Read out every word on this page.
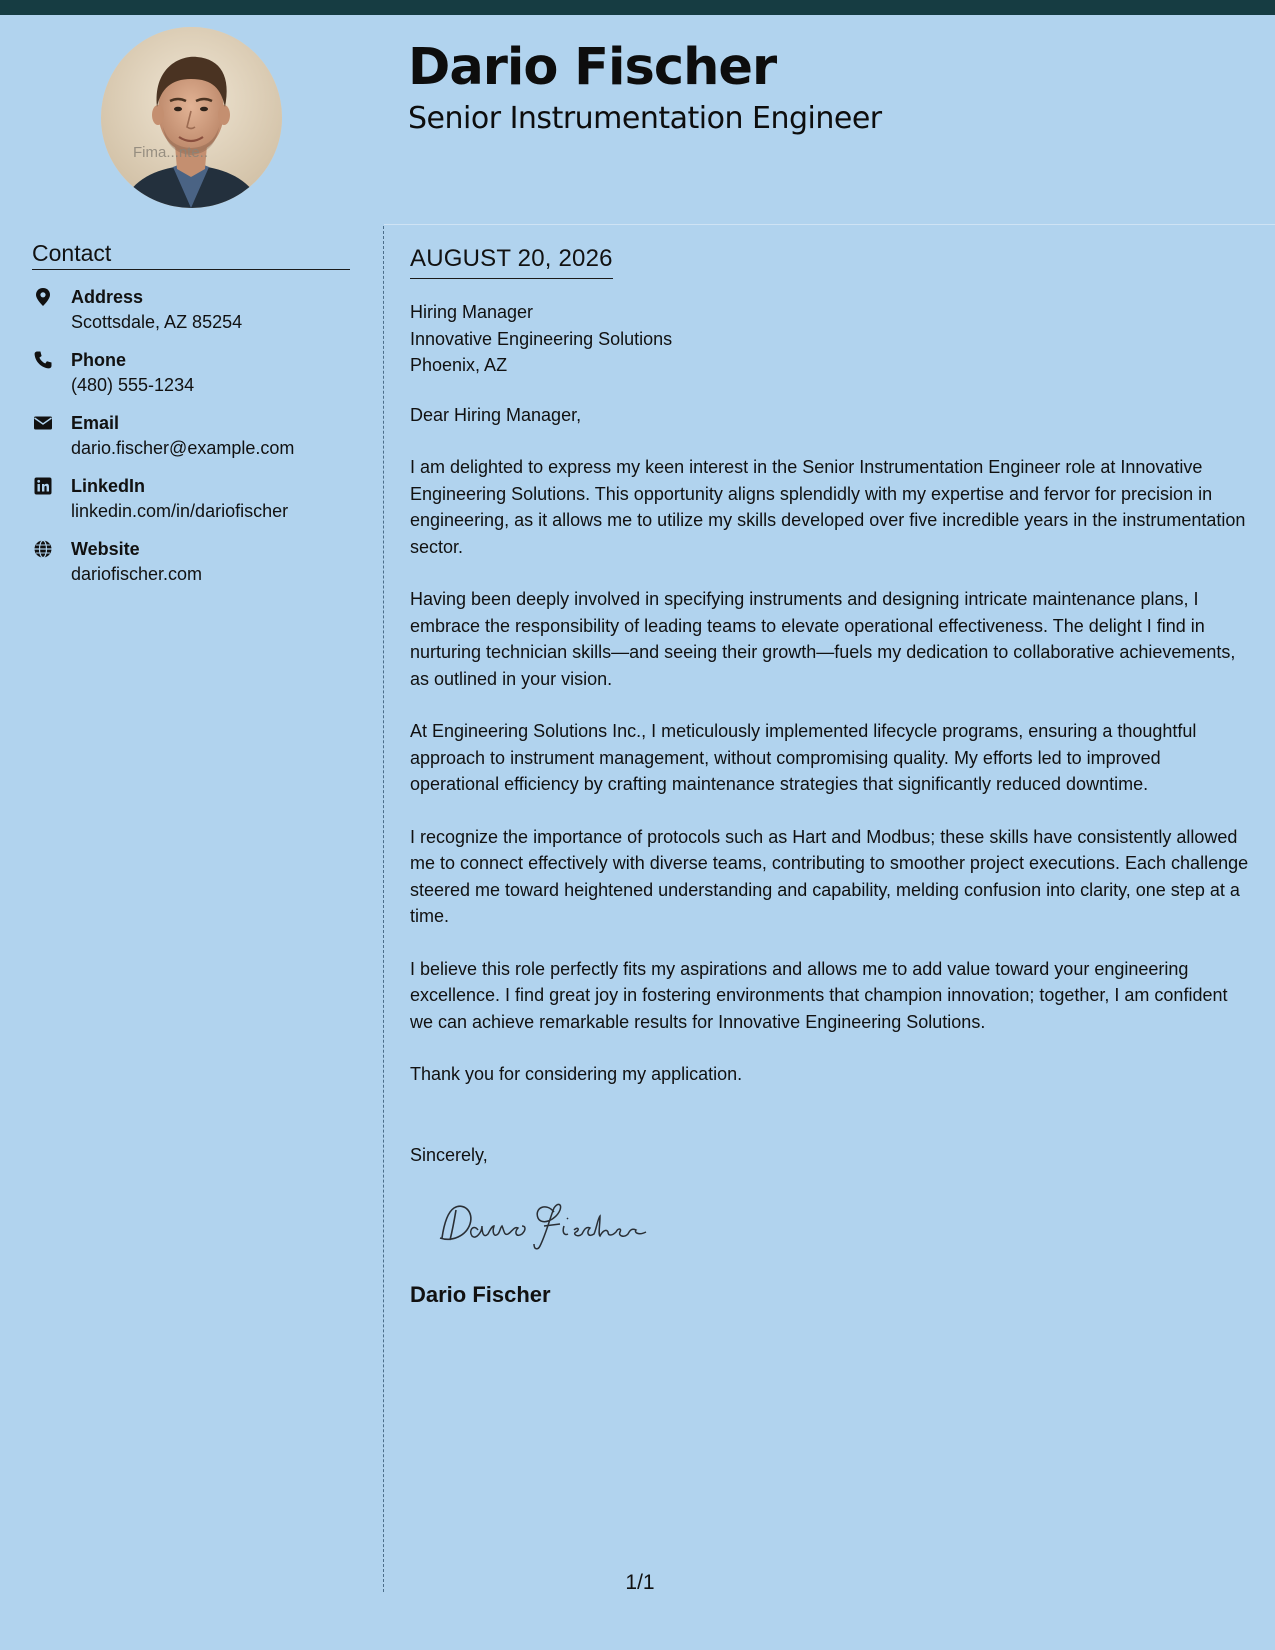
Fima...nte..
Dario Fischer
Senior Instrumentation Engineer
Contact
Address
Scottsdale, AZ 85254
Phone
(480) 555-1234
Email
dario.fischer@example.com
LinkedIn
linkedin.com/in/dariofischer
Website
dariofischer.com
AUGUST 20, 2026
Hiring Manager
Innovative Engineering Solutions
Phoenix, AZ
Dear Hiring Manager,
I am delighted to express my keen interest in the Senior Instrumentation Engineer role at Innovative Engineering Solutions. This opportunity aligns splendidly with my expertise and fervor for precision in engineering, as it allows me to utilize my skills developed over five incredible years in the instrumentation sector.
Having been deeply involved in specifying instruments and designing intricate maintenance plans, I embrace the responsibility of leading teams to elevate operational effectiveness. The delight I find in nurturing technician skills—and seeing their growth—fuels my dedication to collaborative achievements, as outlined in your vision.
At Engineering Solutions Inc., I meticulously implemented lifecycle programs, ensuring a thoughtful approach to instrument management, without compromising quality. My efforts led to improved operational efficiency by crafting maintenance strategies that significantly reduced downtime.
I recognize the importance of protocols such as Hart and Modbus; these skills have consistently allowed me to connect effectively with diverse teams, contributing to smoother project executions. Each challenge steered me toward heightened understanding and capability, melding confusion into clarity, one step at a time.
I believe this role perfectly fits my aspirations and allows me to add value toward your engineering excellence. I find great joy in fostering environments that champion innovation; together, I am confident we can achieve remarkable results for Innovative Engineering Solutions.
Thank you for considering my application.
Sincerely,
Dario Fischer
Dario Fischer
1/1
